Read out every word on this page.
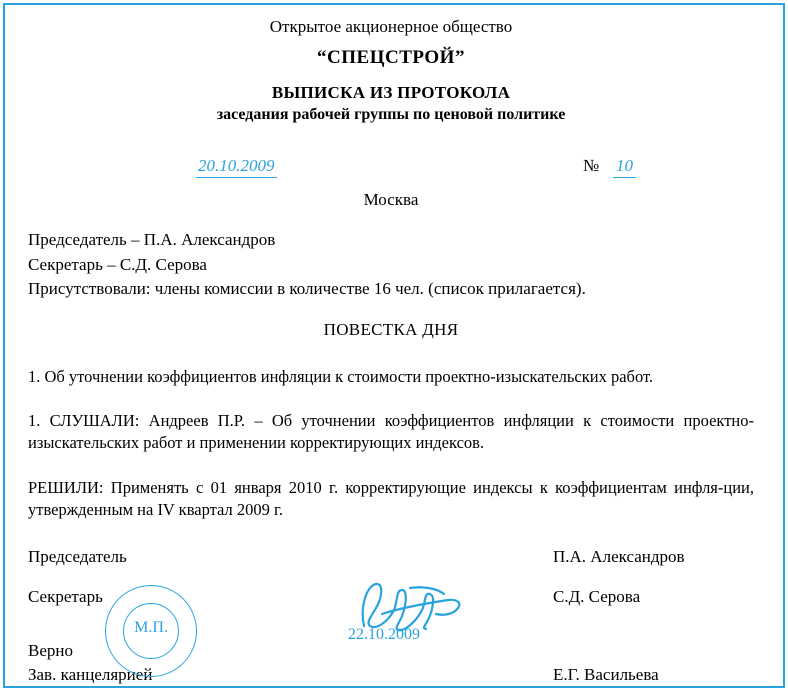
Открытое акционерное общество
“СПЕЦСТРОЙ”
ВЫПИСКА ИЗ ПРОТОКОЛА
заседания рабочей группы по ценовой политике
20.10.2009	№ 10
Москва
Председатель – П.А. Александров
Секретарь – С.Д. Серова
Присутствовали: члены комиссии в количестве 16 чел. (список прилагается).
ПОВЕСТКА ДНЯ
1. Об уточнении коэффициентов инфляции к стоимости проектно-изыскательских работ.
1. СЛУШАЛИ: Андреев П.Р. – Об уточнении коэффициентов инфляции к стоимости проектно-изыскательских работ и применении корректирующих индексов.
РЕШИЛИ: Применять с 01 января 2010 г. корректирующие индексы к коэффициентам инфля-ции, утвержденным на IV квартал 2009 г.
Председатель	П.А. Александров
Секретарь	С.Д. Серова
Верно
Зав. канцелярией	Е.Г. Васильева
М.П.	22.10.2009
